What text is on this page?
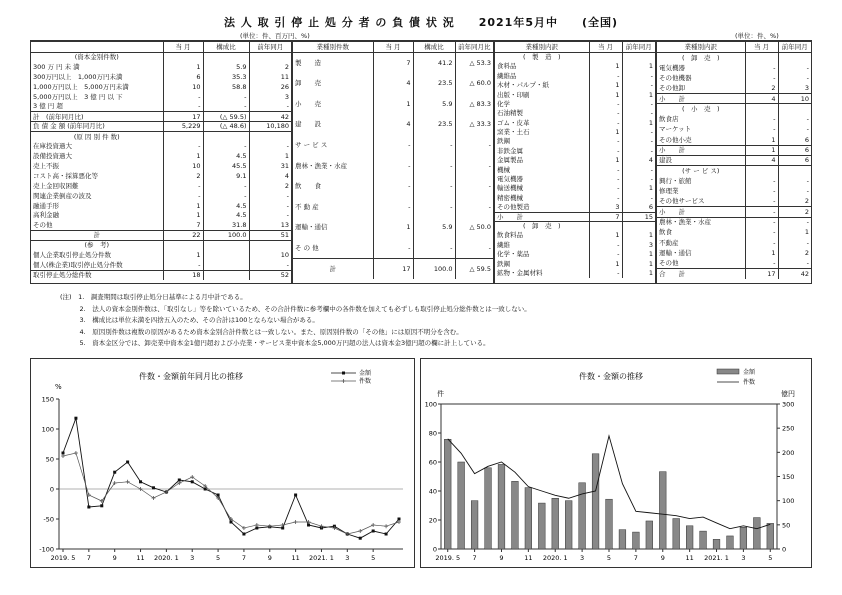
法 人 取 引 停 止 処 分 者 の 負 債 状 況　　2021年5月中　　(全国)
(単位：件、百万円、%)	(単位：件、%)
	当 月	構成比	前年同月
(資本金別件数)			
300 万 円 未 満	1	5.9	2
300万円以上　1,000万円未満	6	35.3	11
1,000万円以上　5,000万円未満	10	58.8	26
5,000万円以上　3 億 円 以 下	-	-	3
3 億 円 超	-	-	-
計　(前年同月比)	17	(△ 59.5)	42
負 債 金 額 (前年同月比)	5,229	(△ 48.6)	10,180
(原 因 別 件 数)			
在庫投資過大	-	-	-
設備投資過大	1	4.5	1
売上不振	10	45.5	31
コスト高・採算悪化等	2	9.1	4
売上金回収困難	-	-	2
関連企業倒産の波及	-	-	-
融通手形	1	4.5	-
高利金融	1	4.5	-
その他	7	31.8	13
計	22	100.0	51
(参　考)			
個人企業取引停止処分件数	1		10
個人(株企業)取引停止処分件数	-		-
取引停止処分総件数	18		52
業種別件数	当 月	構成比	前年同月比
製　　造	7	41.2	△ 53.3
卸　　売	4	23.5	△ 60.0
小　　売	1	5.9	△ 83.3
建　　設	4	23.5	△ 33.3
サ ー ビ ス	-	-	-
農林・漁業・水産	-	-	-
飲　　食	-	-	-
不 動 産	-	-	-
運輸・通信	1	5.9	△ 50.0
そ の 他	-	-	-
計	17	100.0	△ 59.5
業種別内訳	当 月	前年同月
(　製　造　)		
食料品	1	1
繊維品	-	-
木材・パルプ・紙	1	-
出版・印刷	1	1
化学	-	-
石油精製	-	-
ゴム・皮革	-	1
窯業・土石	1	-
鉄鋼	-	-
非鉄金属	-	-
金属製品	1	4
機械	-	-
電気機器	-	-
輸送機械	-	1
精密機械	-	-
その他製造	3	6
小　　計	7	15
(　卸　売　)		
飲食料品	1	1
繊維	-	3
化学・薬品	-	1
鉄鋼	1	1
鉱物・金属材料	-	1
業種別内訳	当 月	前年同月
(　卸　売　)		
電気機器	-	-
その他機器	-	-
その他卸	2	3
小　　計	4	10
(　小　売　)		
飲食店	-	-
マーケット	-	-
その他小売	1	6
小　　計	1	6
建設	4	6
(サ ー ビ ス)		
興行・旅館	-	-
修理業	-	-
その他サービス	-	2
小　　計	-	2
農林・漁業・水産	-	-
飲食	-	1
不動産	-	-
運輸・通信	1	2
その他	-	-
合　　計	17	42
(注)　1.　調査期間は取引停止処分日基準による月中計である。
　　　2.　法人の資本金別件数は、「取引なし」等を除いているため、その合計件数に参考欄中の各件数を加えても必ずしも取引停止処分総件数とは一致しない。
　　　3.　構成比は単位未満を四捨五入のため、その合計は100とならない場合がある。
　　　4.　原因別件数は複数の原因があるため資本金別合計件数とは一致しない。また、原因別件数の「その他」には原因不明分を含む。
　　　5.　資本金区分では、卸売業中資本金1億円超および小売業・サービス業中資本金5,000万円超の法人は資本金3億円超の欄に計上している。
件数・金額前年同月比の推移
%
-100
-50
0
50
100
150
2019. 5 7	9	11 2020. 1 3	5	7	9	11 2021. 1 3	5
金額
件数
件数・金額の推移
件	億円
0
20
40
60
80
100
0
50
100
150
200
250
300
2019. 5 7	9	11 2020. 1 3	5	7	9	11 2021. 1 3	5
金額
件数
